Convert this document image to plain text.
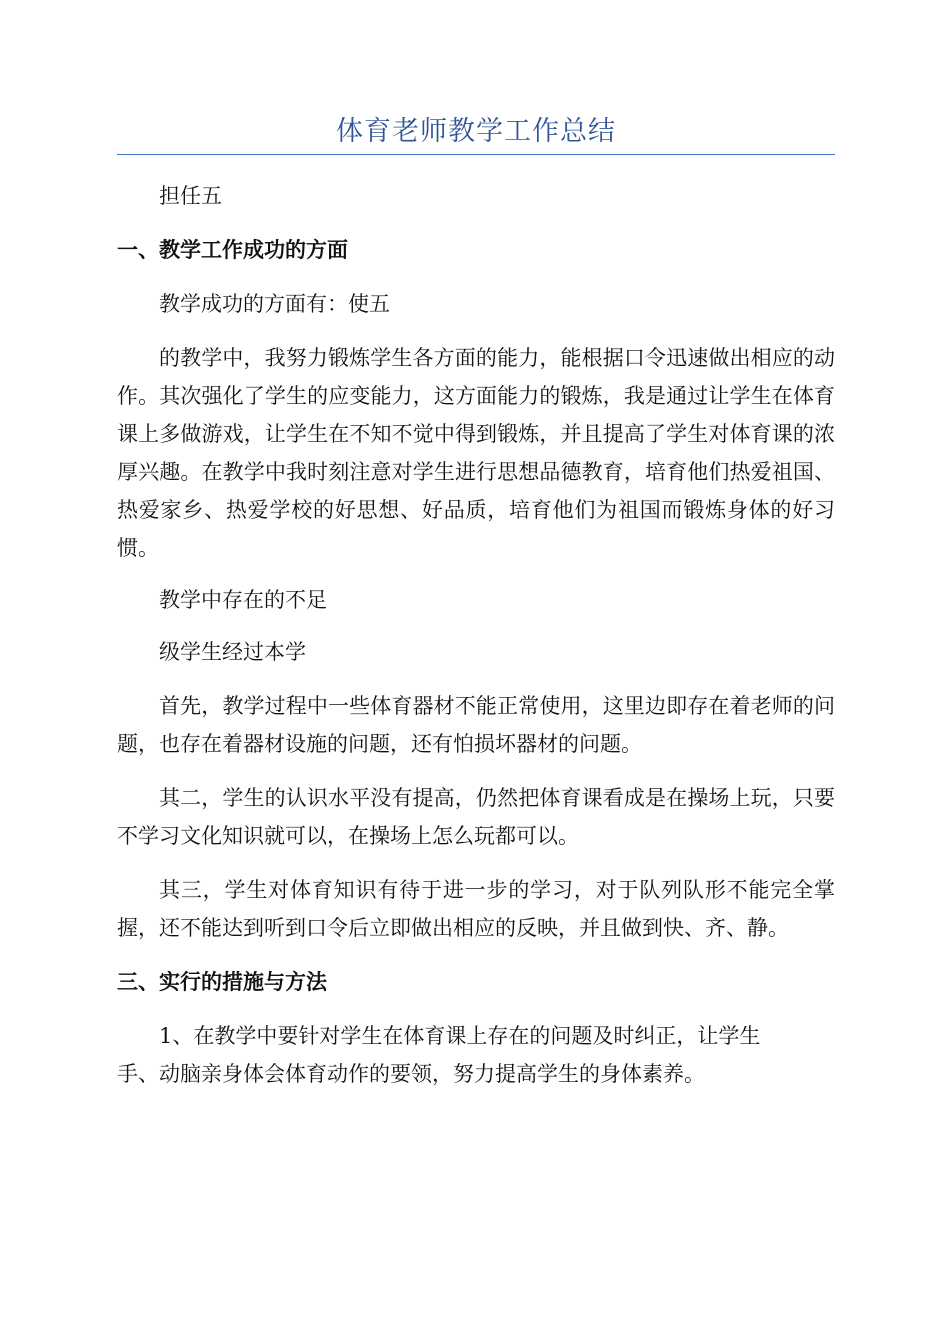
体育老师教学工作总结

担任五

一、教学工作成功的方面

教学成功的方面有：使五

的教学中，我努力锻炼学生各方面的能力，能根据口令迅速做出相应的动作。其次强化了学生的应变能力，这方面能力的锻炼，我是通过让学生在体育课上多做游戏，让学生在不知不觉中得到锻炼，并且提高了学生对体育课的浓厚兴趣。在教学中我时刻注意对学生进行思想品德教育，培育他们热爱祖国、热爱家乡、热爱学校的好思想、好品质，培育他们为祖国而锻炼身体的好习惯。

教学中存在的不足

级学生经过本学

首先，教学过程中一些体育器材不能正常使用，这里边即存在着老师的问题，也存在着器材设施的问题，还有怕损坏器材的问题。

其二，学生的认识水平没有提高，仍然把体育课看成是在操场上玩，只要不学习文化知识就可以，在操场上怎么玩都可以。

其三，学生对体育知识有待于进一步的学习，对于队列队形不能完全掌握，还不能达到听到口令后立即做出相应的反映，并且做到快、齐、静。

三、实行的措施与方法

1、在教学中要针对学生在体育课上存在的问题及时纠正，让学生

手、动脑亲身体会体育动作的要领，努力提高学生的身体素养。
